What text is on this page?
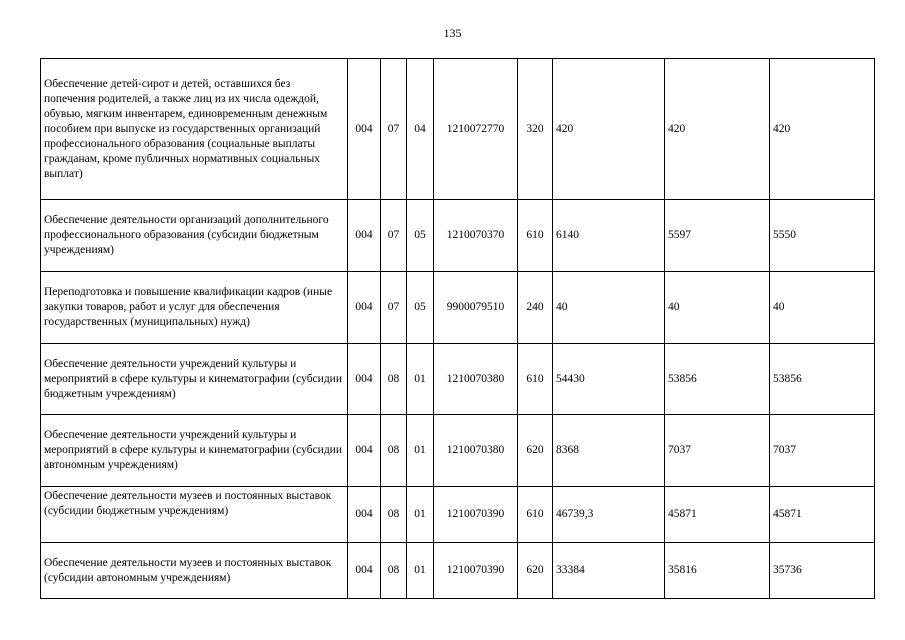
135
Обеспечение детей-сирот и детей, оставшихся без попечения родителей, а также лиц из их числа одеждой, обувью, мягким инвентарем, единовременным денежным пособием при выпуске из государственных организаций профессионального образования (социальные выплаты гражданам, кроме публичных нормативных социальных выплат)	004	07	04	1210072770	320	420	420	420
Обеспечение деятельности организаций дополнительного профессионального образования (субсидии бюджетным учреждениям)	004	07	05	1210070370	610	6140	5597	5550
Переподготовка и повышение квалификации кадров (иные закупки товаров, работ и услуг для обеспечения государственных (муниципальных) нужд)	004	07	05	9900079510	240	40	40	40
Обеспечение деятельности учреждений культуры и мероприятий в сфере культуры и кинематографии (субсидии бюджетным учреждениям)	004	08	01	1210070380	610	54430	53856	53856
Обеспечение деятельности учреждений культуры и мероприятий в сфере культуры и кинематографии (субсидии автономным учреждениям)	004	08	01	1210070380	620	8368	7037	7037
Обеспечение деятельности музеев и постоянных выставок (субсидии бюджетным учреждениям)	004	08	01	1210070390	610	46739,3	45871	45871
Обеспечение деятельности музеев и постоянных выставок (субсидии автономным учреждениям)	004	08	01	1210070390	620	33384	35816	35736
